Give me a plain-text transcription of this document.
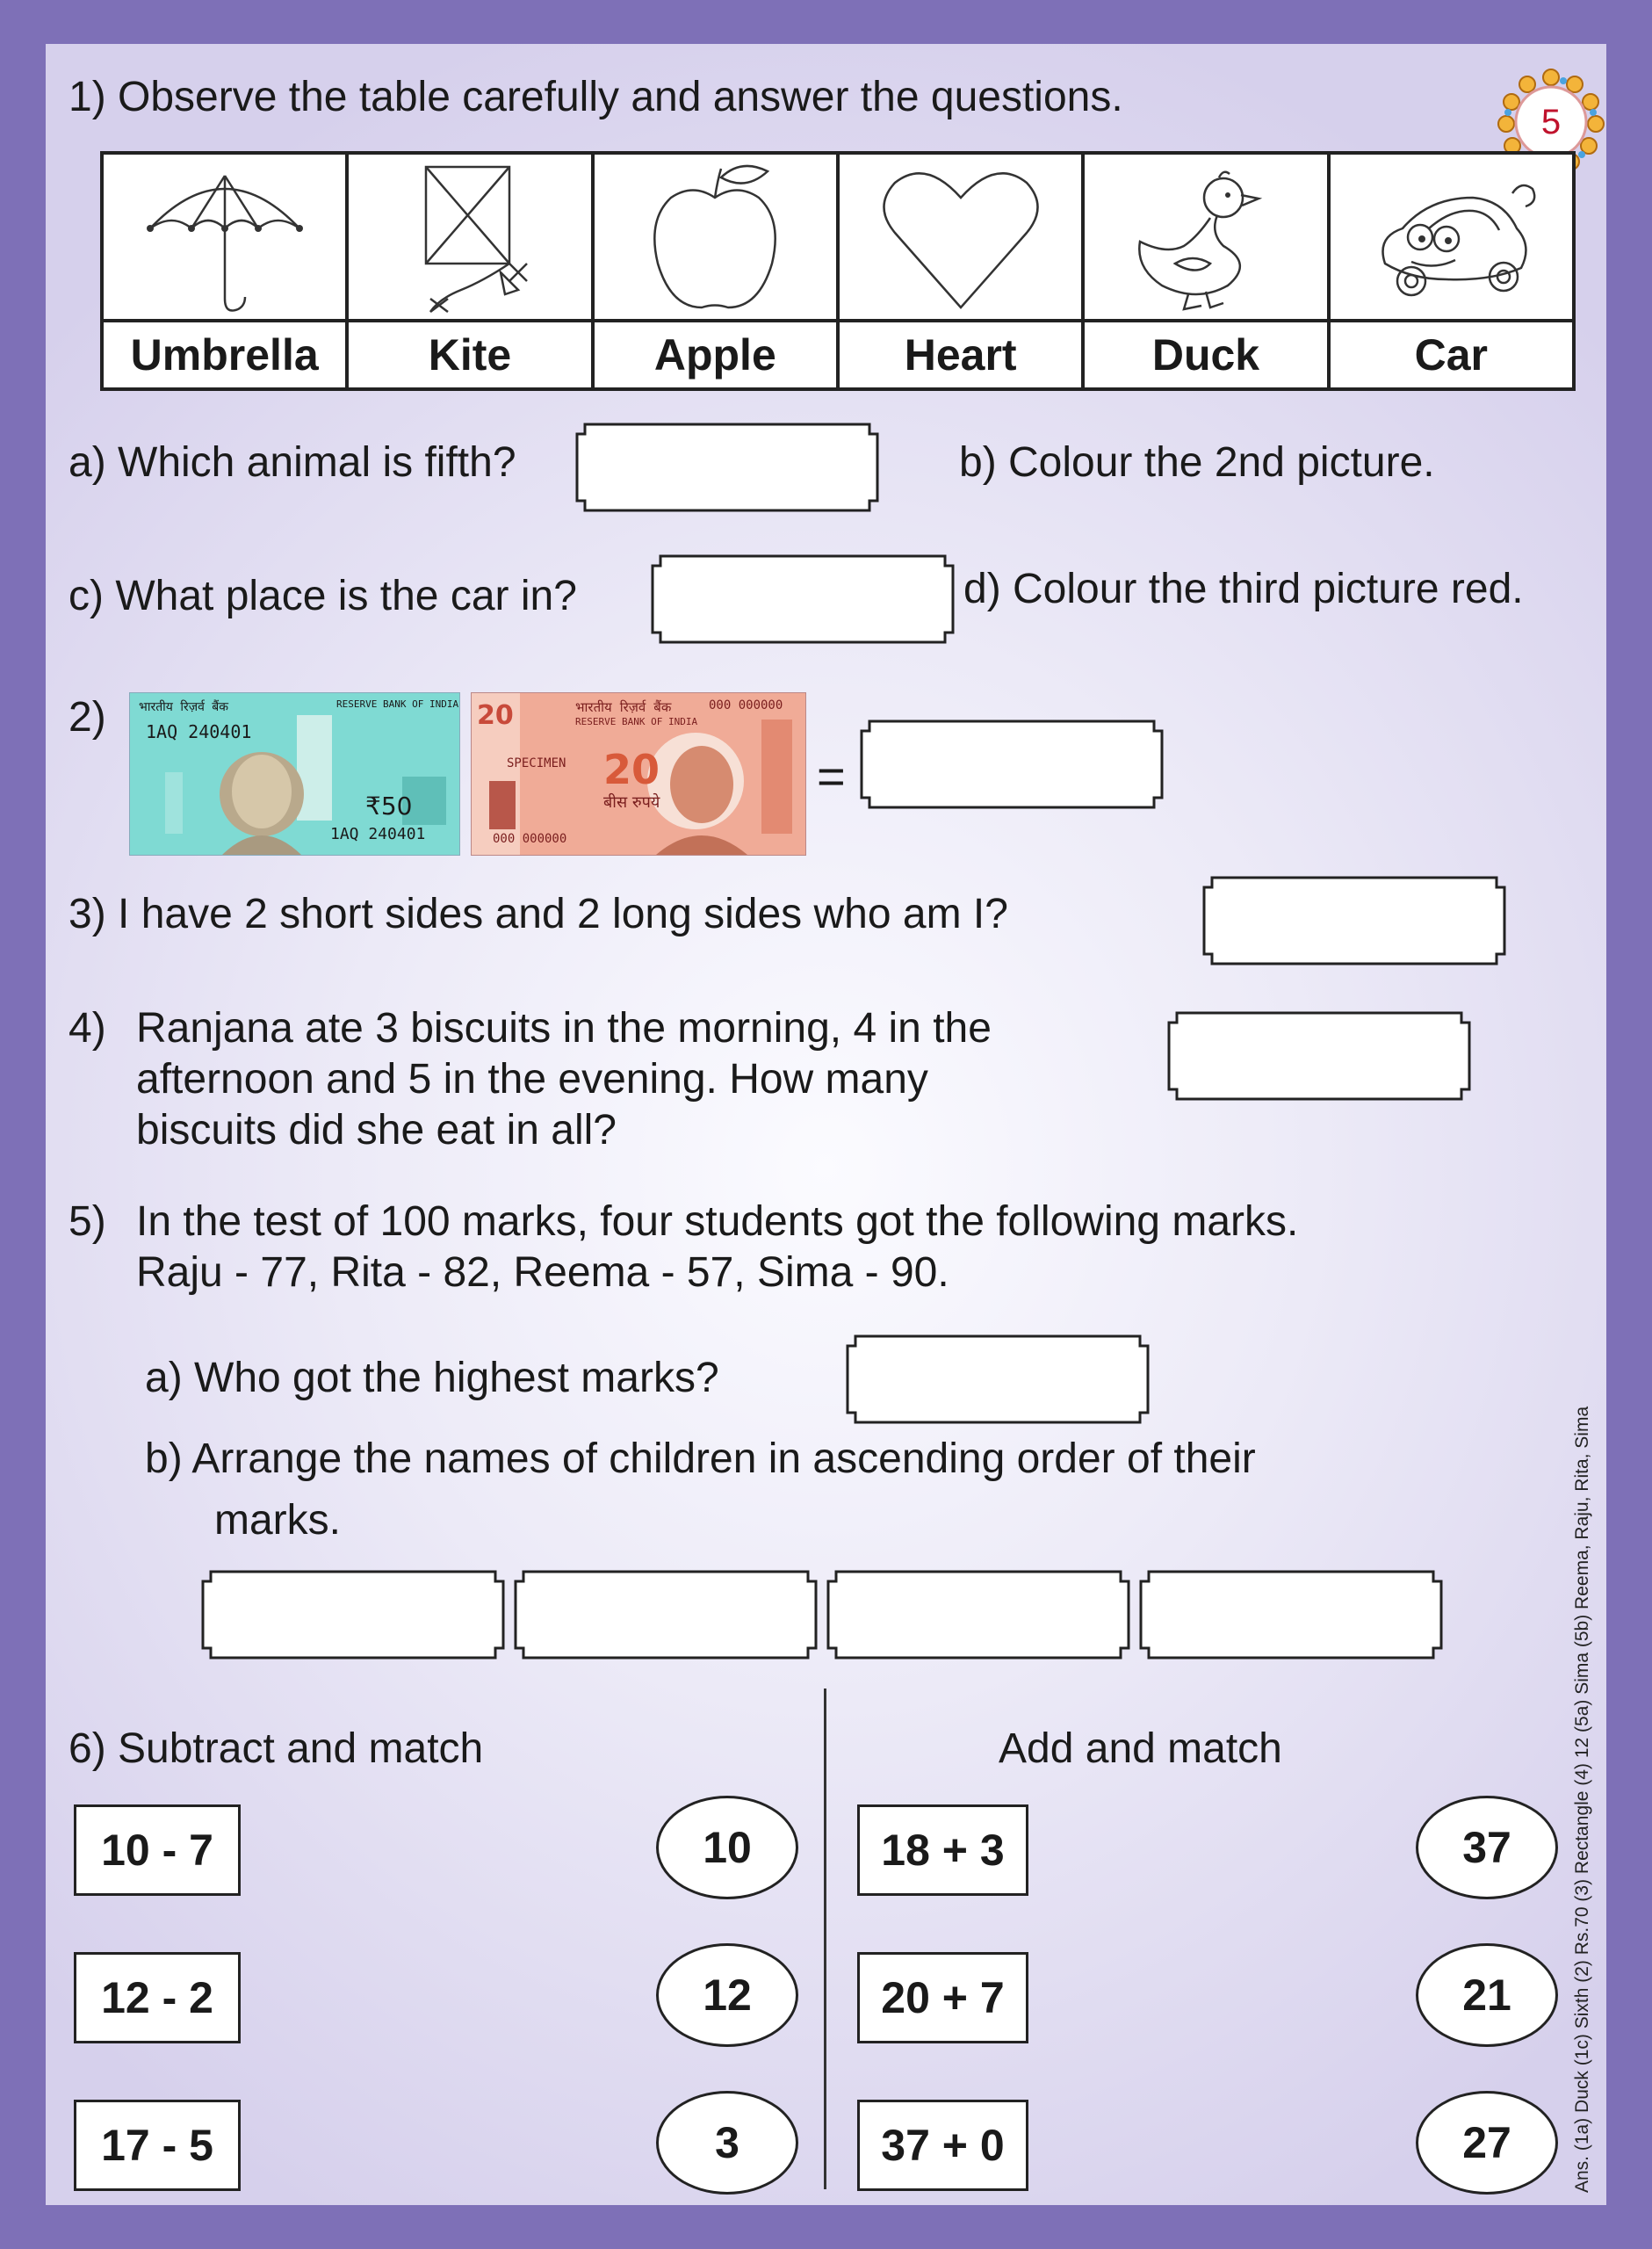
5
1) Observe the table carefully and answer the questions.
Umbrella	Kite	Apple	Heart	Duck	Car
a) Which animal is fifth?	b) Colour the 2nd picture.
c) What place is the car in?	d) Colour the third picture red.
2)	भारतीय रिज़र्व बैंक	RESERVE BANK OF INDIA
1AQ 240401
₹50
1AQ 240401
20	भारतीय रिज़र्व बैंक
RESERVE BANK OF INDIA
000 000000
SPECIMEN 20
बीस रुपये
000 000000
=
3) I have 2 short sides and 2 long sides who am I?
4) Ranjana ate 3 biscuits in the morning, 4 in the
afternoon and 5 in the evening. How many
biscuits did she eat in all?
5) In the test of 100 marks, four students got the following marks.
Raju - 77, Rita - 82, Reema - 57, Sima - 90.
a) Who got the highest marks?
b) Arrange the names of children in ascending order of their
marks.
6) Subtract and match	Add and match
10 - 7
12 - 2
17 - 5
10
12
3
18 + 3
20 + 7
37 + 0
37
21
27	Ans. (1a) Duck (1c) Sixth (2) Rs.70 (3) Rectangle (4) 12 (5a) Sima (5b) Reema, Raju, Rita, Sima
